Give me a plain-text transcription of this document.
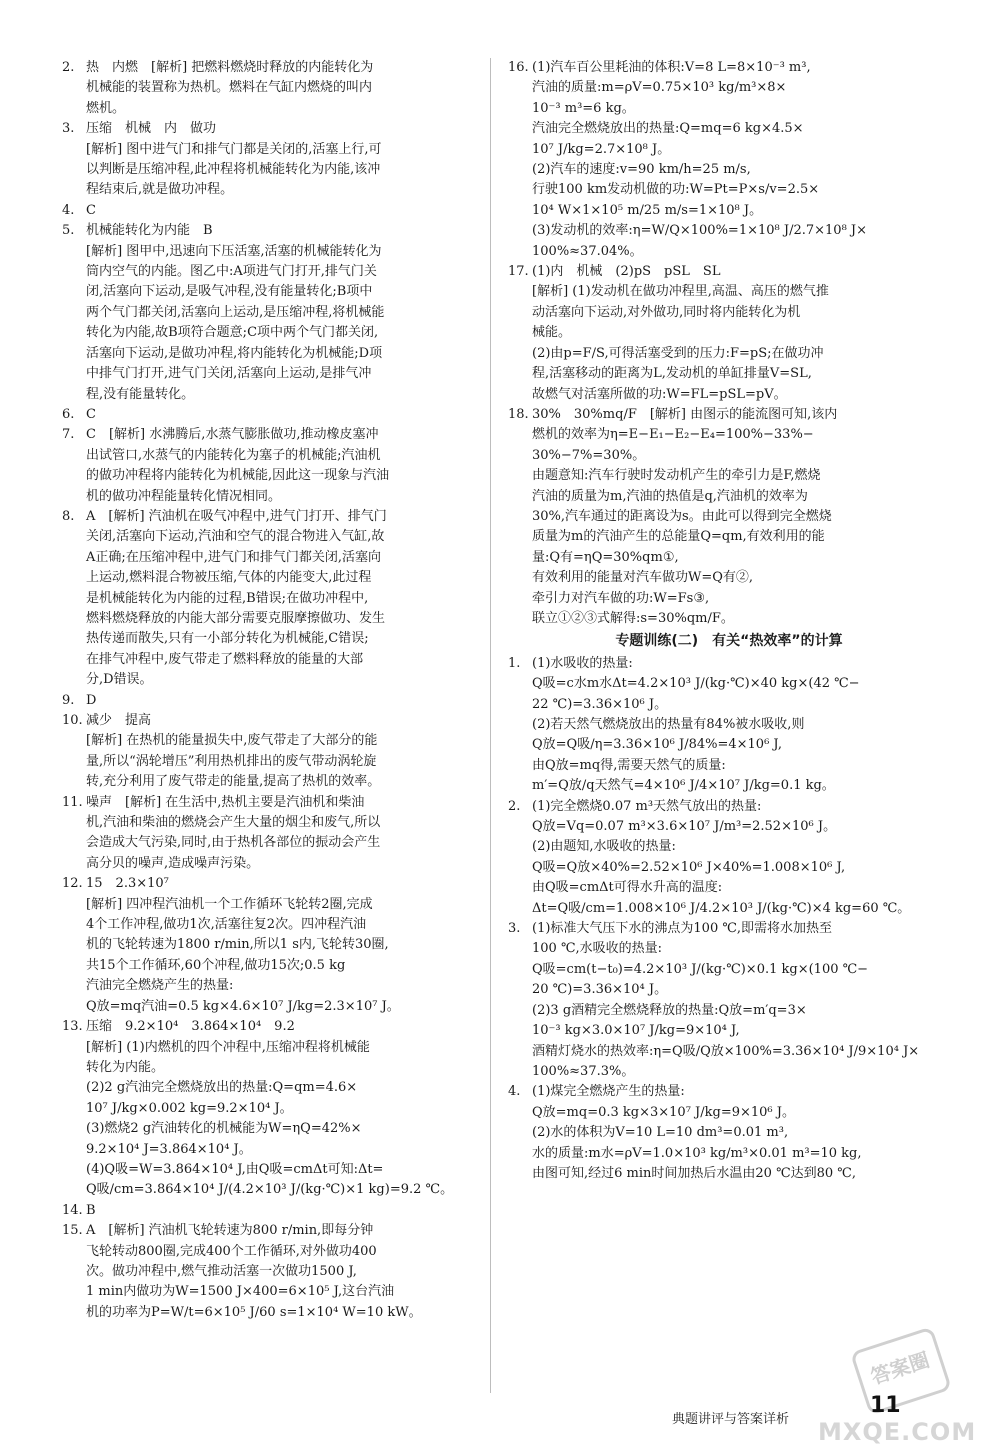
2. 热　内燃　[解析] 把燃料燃烧时释放的内能转化为
机械能的装置称为热机。燃料在气缸内燃烧的叫内
燃机。
3. 压缩　机械　内　做功
[解析] 图中进气门和排气门都是关闭的,活塞上行,可
以判断是压缩冲程,此冲程将机械能转化为内能,该冲
程结束后,就是做功冲程。
4. C
5. 机械能转化为内能　B
[解析] 图甲中,迅速向下压活塞,活塞的机械能转化为
筒内空气的内能。图乙中:A项进气门打开,排气门关
闭,活塞向下运动,是吸气冲程,没有能量转化;B项中
两个气门都关闭,活塞向上运动,是压缩冲程,将机械能
转化为内能,故B项符合题意;C项中两个气门都关闭,
活塞向下运动,是做功冲程,将内能转化为机械能;D项
中排气门打开,进气门关闭,活塞向上运动,是排气冲
程,没有能量转化。
6. C
7. C　[解析] 水沸腾后,水蒸气膨胀做功,推动橡皮塞冲
出试管口,水蒸气的内能转化为塞子的机械能;汽油机
的做功冲程将内能转化为机械能,因此这一现象与汽油
机的做功冲程能量转化情况相同。
8. A　[解析] 汽油机在吸气冲程中,进气门打开、排气门
关闭,活塞向下运动,汽油和空气的混合物进入气缸,故
A正确;在压缩冲程中,进气门和排气门都关闭,活塞向
上运动,燃料混合物被压缩,气体的内能变大,此过程
是机械能转化为内能的过程,B错误;在做功冲程中,
燃料燃烧释放的内能大部分需要克服摩擦做功、发生
热传递而散失,只有一小部分转化为机械能,C错误;
在排气冲程中,废气带走了燃料释放的能量的大部
分,D错误。
9. D
10. 减少　提高
[解析] 在热机的能量损失中,废气带走了大部分的能
量,所以“涡轮增压”利用热机排出的废气带动涡轮旋
转,充分利用了废气带走的能量,提高了热机的效率。
11. 噪声　[解析] 在生活中,热机主要是汽油机和柴油
机,汽油和柴油的燃烧会产生大量的烟尘和废气,所以
会造成大气污染,同时,由于热机各部位的振动会产生
高分贝的噪声,造成噪声污染。
12. 15　2.3×10⁷
[解析] 四冲程汽油机一个工作循环飞轮转2圈,完成
4个工作冲程,做功1次,活塞往复2次。四冲程汽油
机的飞轮转速为1800 r/min,所以1 s内,飞轮转30圈,
共15个工作循环,60个冲程,做功15次;0.5 kg
汽油完全燃烧产生的热量:
Q放=mq汽油=0.5 kg×4.6×10⁷ J/kg=2.3×10⁷ J。
13. 压缩　9.2×10⁴　3.864×10⁴　9.2
[解析] (1)内燃机的四个冲程中,压缩冲程将机械能
转化为内能。
(2)2 g汽油完全燃烧放出的热量:Q=qm=4.6×
10⁷ J/kg×0.002 kg=9.2×10⁴ J。
(3)燃烧2 g汽油转化的机械能为W=ηQ=42%×
9.2×10⁴ J=3.864×10⁴ J。
(4)Q吸=W=3.864×10⁴ J,由Q吸=cmΔt可知:Δt=
Q吸/cm=3.864×10⁴ J/(4.2×10³ J/(kg·℃)×1 kg)=9.2 ℃。
14. B
15. A　[解析] 汽油机飞轮转速为800 r/min,即每分钟
飞轮转动800圈,完成400个工作循环,对外做功400
次。做功冲程中,燃气推动活塞一次做功1500 J,
1 min内做功为W=1500 J×400=6×10⁵ J,这台汽油
机的功率为P=W/t=6×10⁵ J/60 s=1×10⁴ W=10 kW。
16. (1)汽车百公里耗油的体积:V=8 L=8×10⁻³ m³,
汽油的质量:m=ρV=0.75×10³ kg/m³×8×
10⁻³ m³=6 kg。
汽油完全燃烧放出的热量:Q=mq=6 kg×4.5×
10⁷ J/kg=2.7×10⁸ J。
(2)汽车的速度:v=90 km/h=25 m/s,
行驶100 km发动机做的功:W=Pt=P×s/v=2.5×
10⁴ W×1×10⁵ m/25 m/s=1×10⁸ J。
(3)发动机的效率:η=W/Q×100%=1×10⁸ J/2.7×10⁸ J×
100%≈37.04%。
17. (1)内　机械　(2)pS　pSL　SL
[解析] (1)发动机在做功冲程里,高温、高压的燃气推
动活塞向下运动,对外做功,同时将内能转化为机
械能。
(2)由p=F/S,可得活塞受到的压力:F=pS;在做功冲
程,活塞移动的距离为L,发动机的单缸排量V=SL,
故燃气对活塞所做的功:W=FL=pSL=pV。
18. 30%　30%mq/F　[解析] 由图示的能流图可知,该内
燃机的效率为η=E−E₁−E₂−E₄=100%−33%−
30%−7%=30%。
由题意知:汽车行驶时发动机产生的牵引力是F,燃烧
汽油的质量为m,汽油的热值是q,汽油机的效率为
30%,汽车通过的距离设为s。由此可以得到完全燃烧
质量为m的汽油产生的总能量Q=qm,有效利用的能
量:Q有=ηQ=30%qm①,
有效利用的能量对汽车做功W=Q有②,
牵引力对汽车做的功:W=Fs③,
联立①②③式解得:s=30%qm/F。
专题训练(二)　有关“热效率”的计算
1. (1)水吸收的热量:
Q吸=c水m水Δt=4.2×10³ J/(kg·℃)×40 kg×(42 ℃−
22 ℃)=3.36×10⁶ J。
(2)若天然气燃烧放出的热量有84%被水吸收,则
Q放=Q吸/η=3.36×10⁶ J/84%=4×10⁶ J,
由Q放=mq得,需要天然气的质量:
m′=Q放/q天然气=4×10⁶ J/4×10⁷ J/kg=0.1 kg。
2. (1)完全燃烧0.07 m³天然气放出的热量:
Q放=Vq=0.07 m³×3.6×10⁷ J/m³=2.52×10⁶ J。
(2)由题知,水吸收的热量:
Q吸=Q放×40%=2.52×10⁶ J×40%=1.008×10⁶ J,
由Q吸=cmΔt可得水升高的温度:
Δt=Q吸/cm=1.008×10⁶ J/4.2×10³ J/(kg·℃)×4 kg=60 ℃。
3. (1)标准大气压下水的沸点为100 ℃,即需将水加热至
100 ℃,水吸收的热量:
Q吸=cm(t−t₀)=4.2×10³ J/(kg·℃)×0.1 kg×(100 ℃−
20 ℃)=3.36×10⁴ J。
(2)3 g酒精完全燃烧释放的热量:Q放=m′q=3×
10⁻³ kg×3.0×10⁷ J/kg=9×10⁴ J,
酒精灯烧水的热效率:η=Q吸/Q放×100%=3.36×10⁴ J/9×10⁴ J×
100%≈37.3%。
4. (1)煤完全燃烧产生的热量:
Q放=mq=0.3 kg×3×10⁷ J/kg=9×10⁶ J。
(2)水的体积为V=10 L=10 dm³=0.01 m³,
水的质量:m水=ρV=1.0×10³ kg/m³×0.01 m³=10 kg,
由图可知,经过6 min时间加热后水温由20 ℃达到80 ℃,
答案圈
11
典题讲评与答案详析 MXQE.COM
